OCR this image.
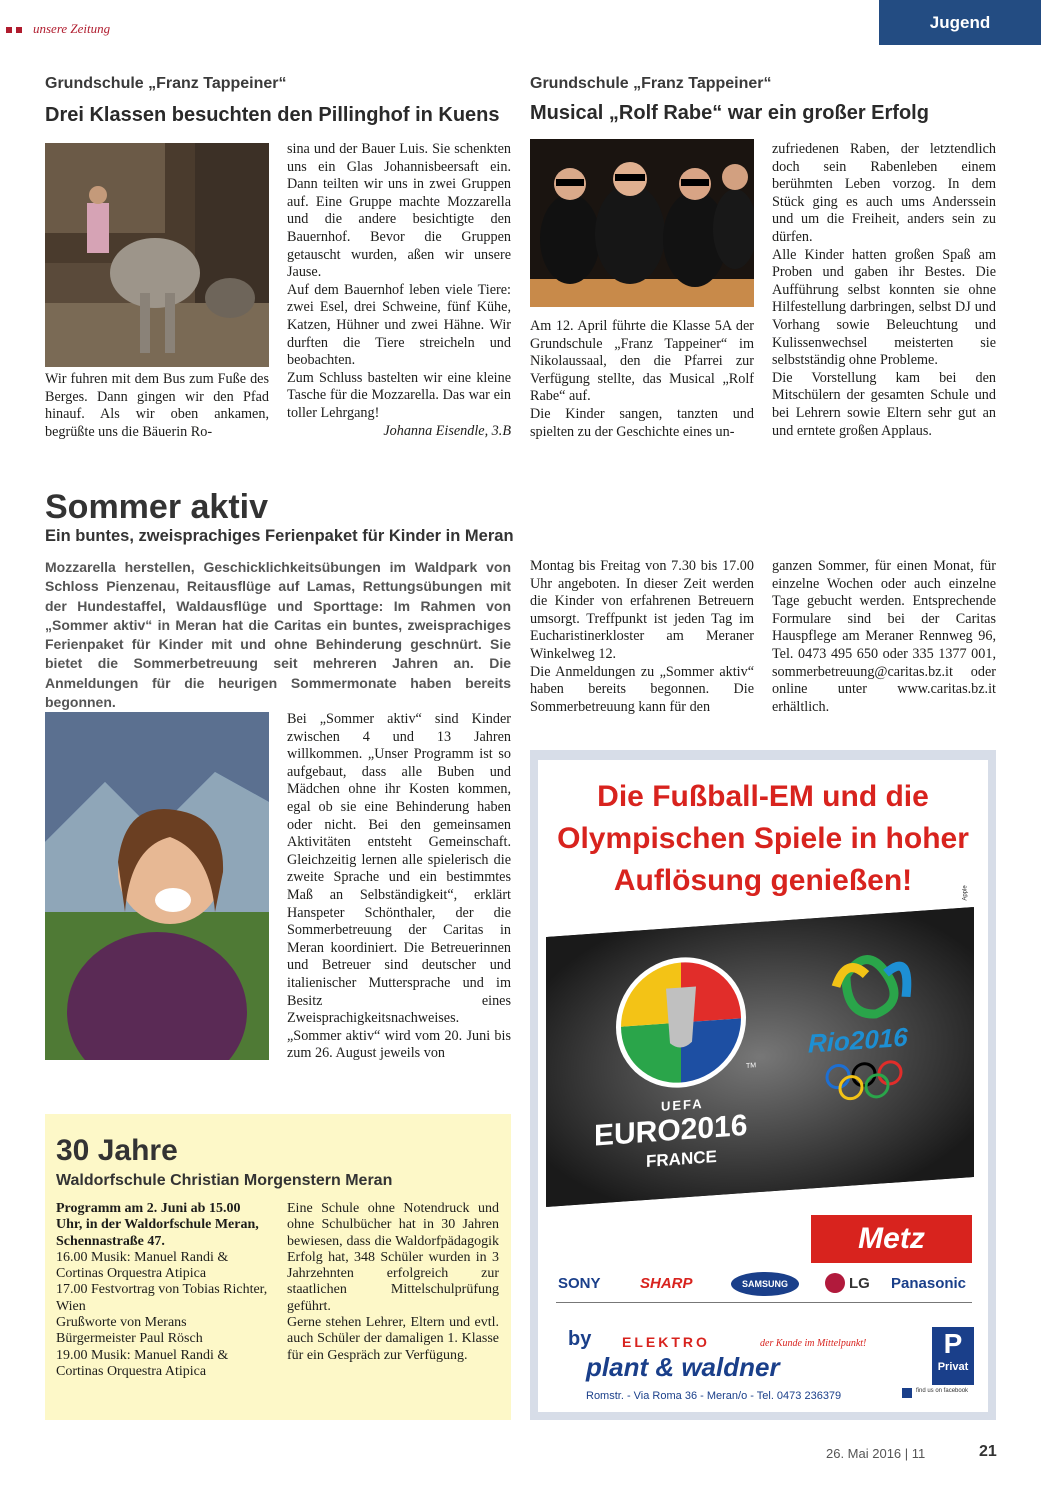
unsere Zeitung	Jugend
Grundschule „Franz Tappeiner“
Drei Klassen besuchten den Pillinghof in Kuens
Wir fuhren mit dem Bus zum Fuße des Berges. Dann gingen wir den Pfad hinauf. Als wir oben ankamen, begrüßte uns die Bäuerin Ro-

sina und der Bauer Luis. Sie schenkten uns ein Glas Johannisbeersaft ein. Dann teilten wir uns in zwei Gruppen auf. Eine Gruppe machte Mozzarella und die andere besichtigte den Bauernhof. Bevor die Gruppen getauscht wurden, aßen wir unsere Jause.

Auf dem Bauernhof leben viele Tiere: zwei Esel, drei Schweine, fünf Kühe, Katzen, Hühner und zwei Hähne. Wir durften die Tiere streicheln und beobachten.

Zum Schluss bastelten wir eine kleine Tasche für die Mozzarella. Das war ein toller Lehrgang!

Johanna Eisendle, 3.B

Grundschule „Franz Tappeiner“
Musical „Rolf Rabe“ war ein großer Erfolg

Am 12. April führte die Klasse 5A der Grundschule „Franz Tappeiner“ im Nikolaussaal, den die Pfarrei zur Verfügung stellte, das Musical „Rolf Rabe“ auf.

Die Kinder sangen, tanzten und spielten zu der Geschichte eines un-

zufriedenen Raben, der letztendlich doch sein Rabenleben einem berühmten Leben vorzog. In dem Stück ging es auch ums Anderssein und um die Freiheit, anders sein zu dürfen.

Alle Kinder hatten großen Spaß am Proben und gaben ihr Bestes. Die Aufführung selbst konnten sie ohne Hilfestellung darbringen, selbst DJ und Vorhang sowie Beleuchtung und Kulissenwechsel meisterten sie selbstständig ohne Probleme.

Die Vorstellung kam bei den Mitschülern der gesamten Schule und bei Lehrern sowie Eltern sehr gut an und erntete großen Applaus.

Sommer aktiv
Ein buntes, zweisprachiges Ferienpaket für Kinder in Meran
Mozzarella herstellen, Geschicklichkeitsübungen im Waldpark von Schloss Pienzenau, Reitausflüge auf Lamas, Rettungsübungen mit der Hundestaffel, Waldausflüge und Sporttage: Im Rahmen von „Sommer aktiv“ in Meran hat die Caritas ein buntes, zweisprachiges Ferienpaket für Kinder mit und ohne Behinderung geschnürt. Sie bietet die Sommerbetreuung seit mehreren Jahren an. Die Anmeldungen für die heurigen Sommermonate haben bereits begonnen.

Bei „Sommer aktiv“ sind Kinder zwischen 4 und 13 Jahren willkommen. „Unser Programm ist so aufgebaut, dass alle Buben und Mädchen ohne ihr Kosten kommen, egal ob sie eine Behinderung haben oder nicht. Bei den gemeinsamen Aktivitäten entsteht Gemeinschaft. Gleichzeitig lernen alle spielerisch die zweite Sprache und ein bestimmtes Maß an Selbständigkeit“, erklärt Hanspeter Schönthaler, der die Sommerbetreuung der Caritas in Meran koordiniert. Die Betreuerinnen und Betreuer sind deutscher und italienischer Muttersprache und im Besitz eines Zweisprachigkeitsnachweises.

„Sommer aktiv“ wird vom 20. Juni bis zum 26. August jeweils von

Montag bis Freitag von 7.30 bis 17.00 Uhr angeboten. In dieser Zeit werden die Kinder von erfahrenen Betreuern umsorgt. Treffpunkt ist jeden Tag im Eucharistinerkloster am Meraner Winkelweg 12.

Die Anmeldungen zu „Sommer aktiv“ haben bereits begonnen. Die Sommerbetreuung kann für den

ganzen Sommer, für einen Monat, für einzelne Wochen oder auch einzelne Tage gebucht werden. Entsprechende Formulare sind bei der Caritas Hauspflege am Meraner Rennweg 96, Tel. 0473 495 650 oder 335 1377 001, sommerbetreuung@caritas.bz.it oder online unter www.caritas.bz.it erhältlich.
30 Jahre
Waldorfschule Christian Morgenstern Meran

Programm am 2. Juni ab 15.00 Uhr, in der Waldorfschule Meran, Schennastraße 47.

16.00 Musik: Manuel Randi & Cortinas Orquestra Atipica

17.00 Festvortrag von Tobias Richter, Wien

Grußworte von Merans Bürgermeister Paul Rösch

19.00 Musik: Manuel Randi & Cortinas Orquestra Atipica

Eine Schule ohne Notendruck und ohne Schulbücher hat in 30 Jahren bewiesen, dass die Waldorfpädagogik Erfolg hat, 348 Schüler wurden in 3 Jahrzehnten erfolgreich zur staatlichen Mittelschulprüfung geführt.

Gerne stehen Lehrer, Eltern und evtl. auch Schüler der damaligen 1. Klasse für ein Gespräch zur Verfügung.

Die Fußball-EM und die
Olympischen Spiele in hoher
Auflösung genießen!	Apple
TM
UEFA
EURO2016
FRANCE
Rio2016
Metz
SONY	SHARP	SAMSUNG	LG Panasonic
by ELEKTRO	der Kunde im Mittelpunkt!
plant & waldner
Romstr. - Via Roma 36 - Meran/o - Tel. 0473 236379
P
Privat
find us on facebook
26. Mai 2016 | 11	21
